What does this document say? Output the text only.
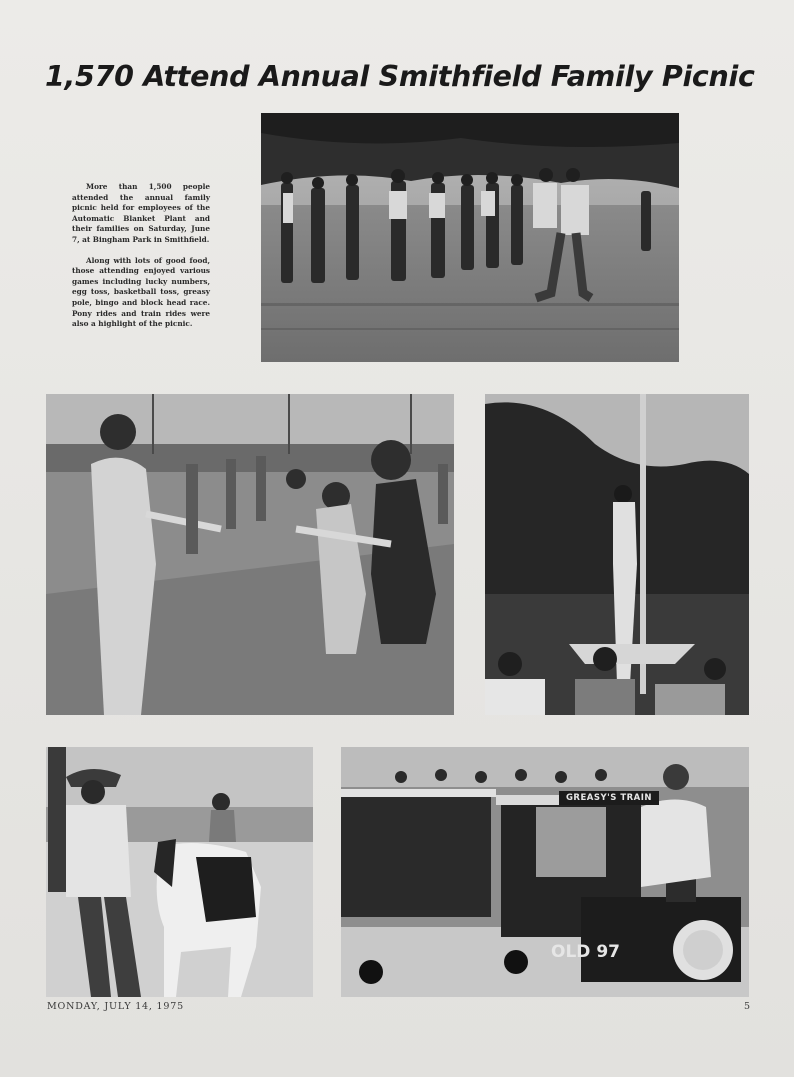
1,570 Attend Annual Smithfield Family Picnic

More than 1,500 people attended the annual family picnic held for employees of the Automatic Blanket Plant and their families on Saturday, June 7, at Bingham Park in Smithfield.

Along with lots of good food, those attending enjoyed various games including lucky numbers, egg toss, basketball toss, greasy pole, bingo and block head race. Pony rides and train rides were also a highlight of the picnic.

GREASY'S TRAIN
OLD 97
MONDAY, JULY 14, 1975	5
